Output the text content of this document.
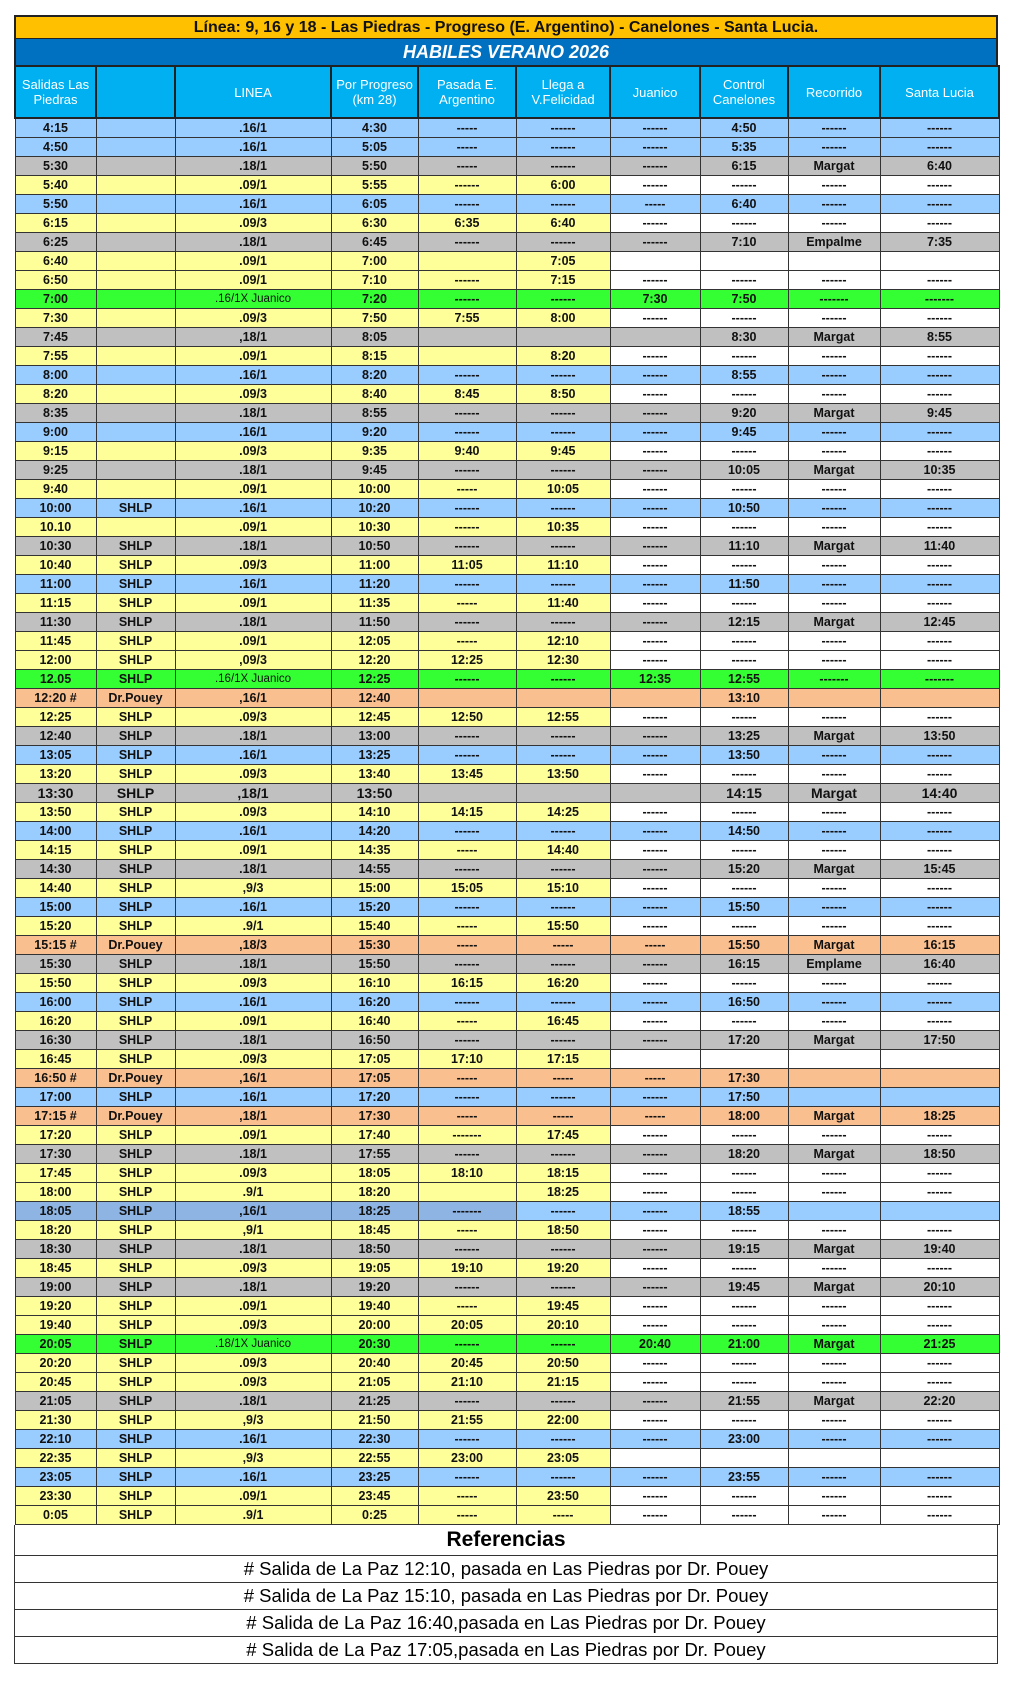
Línea: 9, 16 y 18 - Las Piedras - Progreso (E. Argentino) - Canelones - Santa Lucia.
HABILES VERANO 2026
Salidas Las Piedras		LINEA	Por Progreso (km 28)	Pasada E. Argentino	Llega a V.Felicidad	Juanico	Control Canelones	Recorrido	Santa Lucia
4:15		.16/1	4:30	-----	------	------	4:50	------	------
4:50		.16/1	5:05	-----	------	------	5:35	------	------
5:30		.18/1	5:50	-----	------	------	6:15	Margat	6:40
5:40		.09/1	5:55	------	6:00	------	------	------	------
5:50		.16/1	6:05	------	------	-----	6:40	------	------
6:15		.09/3	6:30	6:35	6:40	------	------	------	------
6:25		.18/1	6:45	------	------	------	7:10	Empalme	7:35
6:40		.09/1	7:00		7:05				
6:50		.09/1	7:10	------	7:15	------	------	------	------
7:00		.16/1X Juanico	7:20	------	------	7:30	7:50	-------	-------
7:30		.09/3	7:50	7:55	8:00	------	------	------	------
7:45		,18/1	8:05				8:30	Margat	8:55
7:55		.09/1	8:15		8:20	------	------	------	------
8:00		.16/1	8:20	------	------	------	8:55	------	------
8:20		.09/3	8:40	8:45	8:50	------	------	------	------
8:35		.18/1	8:55	------	------	------	9:20	Margat	9:45
9:00		.16/1	9:20	------	------	------	9:45	------	------
9:15		.09/3	9:35	9:40	9:45	------	------	------	------
9:25		.18/1	9:45	------	------	------	10:05	Margat	10:35
9:40		.09/1	10:00	-----	10:05	------	------	------	------
10:00	SHLP	.16/1	10:20	------	------	------	10:50	------	------
10.10		.09/1	10:30	------	10:35	------	------	------	------
10:30	SHLP	.18/1	10:50	------	------	------	11:10	Margat	11:40
10:40	SHLP	.09/3	11:00	11:05	11:10	------	------	------	------
11:00	SHLP	.16/1	11:20	------	------	------	11:50	------	------
11:15	SHLP	.09/1	11:35	-----	11:40	------	------	------	------
11:30	SHLP	.18/1	11:50	------	------	------	12:15	Margat	12:45
11:45	SHLP	.09/1	12:05	-----	12:10	------	------	------	------
12:00	SHLP	,09/3	12:20	12:25	12:30	------	------	------	------
12.05	SHLP	.16/1X Juanico	12:25	------	------	12:35	12:55	-------	-------
12:20 #	Dr.Pouey	,16/1	12:40				13:10		
12:25	SHLP	.09/3	12:45	12:50	12:55	------	------	------	------
12:40	SHLP	.18/1	13:00	------	------	------	13:25	Margat	13:50
13:05	SHLP	.16/1	13:25	------	------	------	13:50	------	------
13:20	SHLP	.09/3	13:40	13:45	13:50	------	------	------	------
13:30	SHLP	,18/1	13:50				14:15	Margat	14:40
13:50	SHLP	.09/3	14:10	14:15	14:25	------	------	------	------
14:00	SHLP	.16/1	14:20	------	------	------	14:50	------	------
14:15	SHLP	.09/1	14:35	-----	14:40	------	------	------	------
14:30	SHLP	.18/1	14:55	------	------	------	15:20	Margat	15:45
14:40	SHLP	,9/3	15:00	15:05	15:10	------	------	------	------
15:00	SHLP	.16/1	15:20	------	------	------	15:50	------	------
15:20	SHLP	.9/1	15:40	-----	15:50	------	------	------	------
15:15 #	Dr.Pouey	,18/3	15:30	-----	-----	-----	15:50	Margat	16:15
15:30	SHLP	.18/1	15:50	------	------	------	16:15	Emplame	16:40
15:50	SHLP	.09/3	16:10	16:15	16:20	------	------	------	------
16:00	SHLP	.16/1	16:20	------	------	------	16:50	------	------
16:20	SHLP	.09/1	16:40	-----	16:45	------	------	------	------
16:30	SHLP	.18/1	16:50	------	------	------	17:20	Margat	17:50
16:45	SHLP	.09/3	17:05	17:10	17:15				
16:50 #	Dr.Pouey	,16/1	17:05	-----	-----	-----	17:30		
17:00	SHLP	.16/1	17:20	------	------	------	17:50		
17:15 #	Dr.Pouey	,18/1	17:30	-----	-----	-----	18:00	Margat	18:25
17:20	SHLP	.09/1	17:40	-------	17:45	------	------	------	------
17:30	SHLP	.18/1	17:55	------	------	------	18:20	Margat	18:50
17:45	SHLP	.09/3	18:05	18:10	18:15	------	------	------	------
18:00	SHLP	.9/1	18:20		18:25	------	------	------	------
18:05	SHLP	,16/1	18:25	-------	------	------	18:55		
18:20	SHLP	,9/1	18:45	-----	18:50	------	------	------	------
18:30	SHLP	.18/1	18:50	------	------	------	19:15	Margat	19:40
18:45	SHLP	.09/3	19:05	19:10	19:20	------	------	------	------
19:00	SHLP	.18/1	19:20	------	------	------	19:45	Margat	20:10
19:20	SHLP	.09/1	19:40	-----	19:45	------	------	------	------
19:40	SHLP	.09/3	20:00	20:05	20:10	------	------	------	------
20:05	SHLP	.18/1X Juanico	20:30	------	------	20:40	21:00	Margat	21:25
20:20	SHLP	.09/3	20:40	20:45	20:50	------	------	------	------
20:45	SHLP	.09/3	21:05	21:10	21:15	------	------	------	------
21:05	SHLP	.18/1	21:25	------	------	------	21:55	Margat	22:20
21:30	SHLP	,9/3	21:50	21:55	22:00	------	------	------	------
22:10	SHLP	.16/1	22:30	------	------	------	23:00	------	------
22:35	SHLP	,9/3	22:55	23:00	23:05				
23:05	SHLP	.16/1	23:25	------	------	------	23:55	------	------
23:30	SHLP	.09/1	23:45	-----	23:50	------	------	------	------
0:05	SHLP	.9/1	0:25	-----	-----	------	------	------	------
Referencias
# Salida de La Paz 12:10, pasada en Las Piedras por Dr. Pouey
# Salida de La Paz 15:10, pasada en Las Piedras por Dr. Pouey
# Salida de La Paz 16:40,pasada en Las Piedras por Dr. Pouey
# Salida de La Paz 17:05,pasada en Las Piedras por Dr. Pouey
